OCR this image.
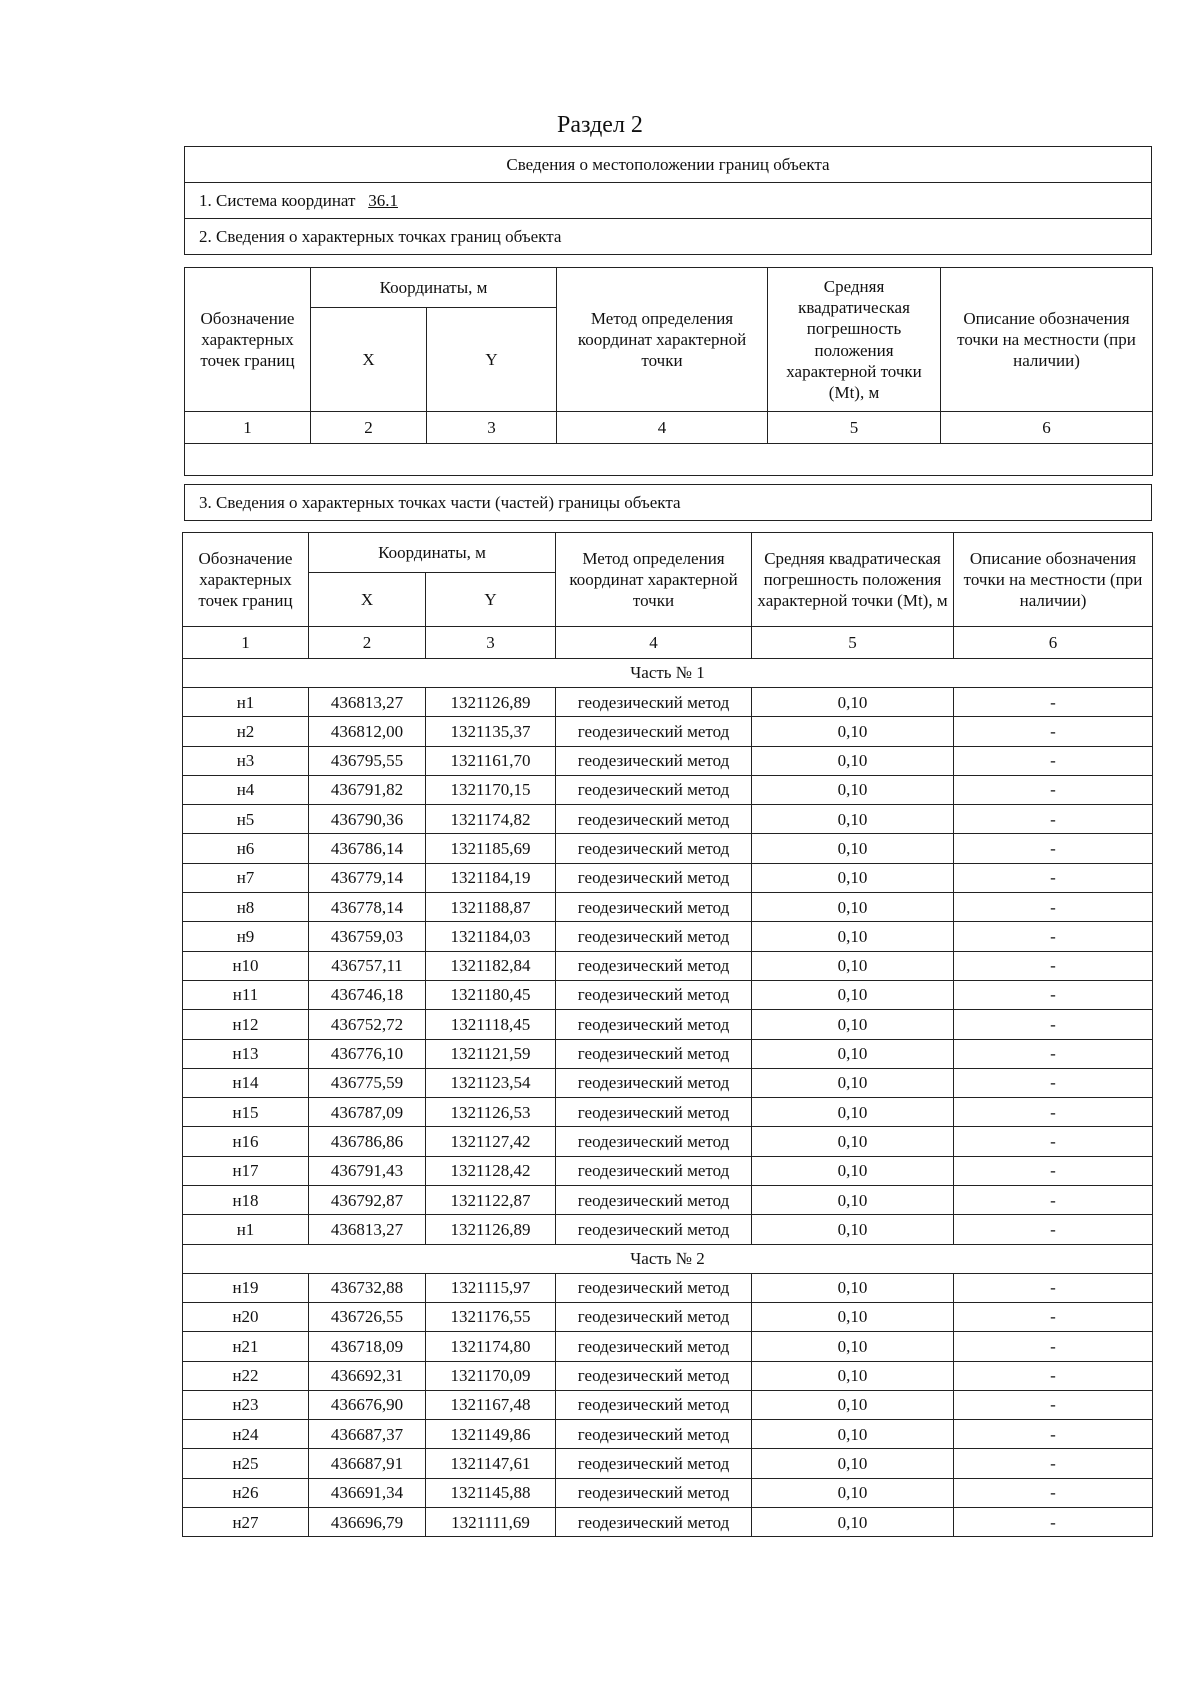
Раздел 2
Сведения о местоположении границ объекта
1. Система координат 36.1
2. Сведения о характерных точках границ объекта
Обозначение характерных точек границ	Координаты, м		Метод определения координат характерной точки	Средняя квадратическая погрешность положения характерной точки (Mt), м	Описание обозначения точки на местности (при наличии)
	X	Y			
1	2	3	4	5	6

3. Сведения о характерных точках части (частей) границы объекта
Обозначение характерных точек границ	Координаты, м		Метод определения координат характерной точки	Средняя квадратическая погрешность положения характерной точки (Mt), м	Описание обозначения точки на местности (при наличии)
	X	Y			
1	2	3	4	5	6
Часть № 1					
н1	436813,27	1321126,89	геодезический метод	0,10	-
н2	436812,00	1321135,37	геодезический метод	0,10	-
н3	436795,55	1321161,70	геодезический метод	0,10	-
н4	436791,82	1321170,15	геодезический метод	0,10	-
н5	436790,36	1321174,82	геодезический метод	0,10	-
н6	436786,14	1321185,69	геодезический метод	0,10	-
н7	436779,14	1321184,19	геодезический метод	0,10	-
н8	436778,14	1321188,87	геодезический метод	0,10	-
н9	436759,03	1321184,03	геодезический метод	0,10	-
н10	436757,11	1321182,84	геодезический метод	0,10	-
н11	436746,18	1321180,45	геодезический метод	0,10	-
н12	436752,72	1321118,45	геодезический метод	0,10	-
н13	436776,10	1321121,59	геодезический метод	0,10	-
н14	436775,59	1321123,54	геодезический метод	0,10	-
н15	436787,09	1321126,53	геодезический метод	0,10	-
н16	436786,86	1321127,42	геодезический метод	0,10	-
н17	436791,43	1321128,42	геодезический метод	0,10	-
н18	436792,87	1321122,87	геодезический метод	0,10	-
н1	436813,27	1321126,89	геодезический метод	0,10	-
Часть № 2					
н19	436732,88	1321115,97	геодезический метод	0,10	-
н20	436726,55	1321176,55	геодезический метод	0,10	-
н21	436718,09	1321174,80	геодезический метод	0,10	-
н22	436692,31	1321170,09	геодезический метод	0,10	-
н23	436676,90	1321167,48	геодезический метод	0,10	-
н24	436687,37	1321149,86	геодезический метод	0,10	-
н25	436687,91	1321147,61	геодезический метод	0,10	-
н26	436691,34	1321145,88	геодезический метод	0,10	-
н27	436696,79	1321111,69	геодезический метод	0,10	-
